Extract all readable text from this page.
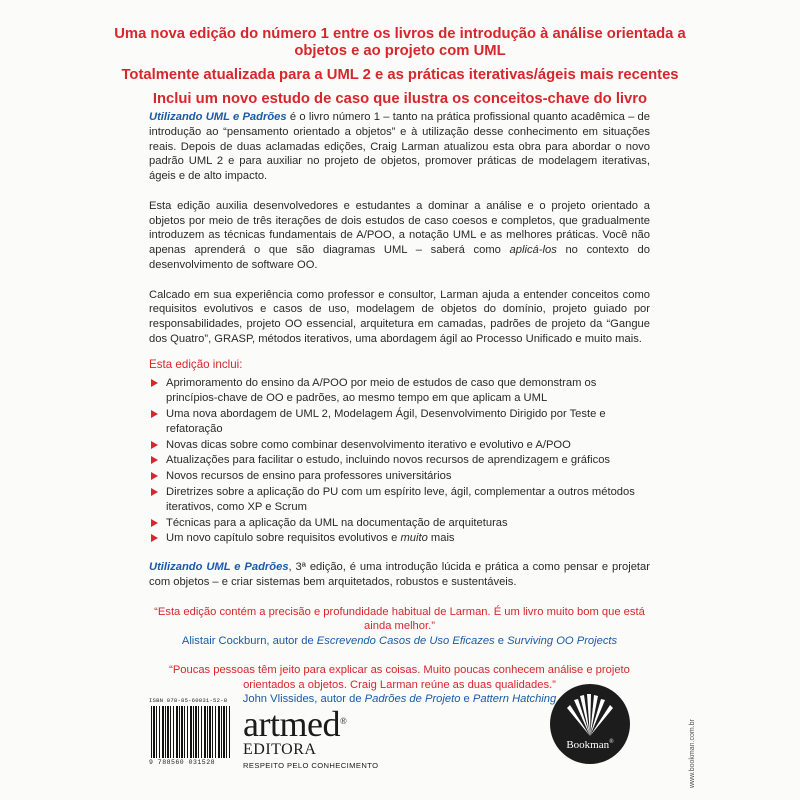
Uma nova edição do número 1 entre os livros de introdução à análise orientada a objetos e ao projeto com UML
Totalmente atualizada para a UML 2 e as práticas iterativas/ágeis mais recentes
Inclui um novo estudo de caso que ilustra os conceitos-chave do livro

Utilizando UML e Padrões é o livro número 1 – tanto na prática profissional quanto acadêmica – de introdução ao “pensamento orientado a objetos” e à utilização desse conhecimento em situações reais. Depois de duas aclamadas edições, Craig Larman atualizou esta obra para abordar o novo padrão UML 2 e para auxiliar no projeto de objetos, promover práticas de modelagem iterativas, ágeis e de alto impacto.

Esta edição auxilia desenvolvedores e estudantes a dominar a análise e o projeto orientado a objetos por meio de três iterações de dois estudos de caso coesos e completos, que gradualmente introduzem as técnicas fundamentais de A/POO, a notação UML e as melhores práticas. Você não apenas aprenderá o que são diagramas UML – saberá como aplicá-los no contexto do desenvolvimento de software OO.

Calcado em sua experiência como professor e consultor, Larman ajuda a entender conceitos como requisitos evolutivos e casos de uso, modelagem de objetos do domínio, projeto guiado por responsabilidades, projeto OO essencial, arquitetura em camadas, padrões de projeto da “Gangue dos Quatro”, GRASP, métodos iterativos, uma abordagem ágil ao Processo Unificado e muito mais.

Esta edição inclui:
Aprimoramento do ensino da A/POO por meio de estudos de caso que demonstram os princípios-chave de OO e padrões, ao mesmo tempo em que aplicam a UML
Uma nova abordagem de UML 2, Modelagem Ágil, Desenvolvimento Dirigido por Teste e refatoração
Novas dicas sobre como combinar desenvolvimento iterativo e evolutivo e A/POO
Atualizações para facilitar o estudo, incluindo novos recursos de aprendizagem e gráficos
Novos recursos de ensino para professores universitários
Diretrizes sobre a aplicação do PU com um espírito leve, ágil, complementar a outros métodos iterativos, como XP e Scrum
Técnicas para a aplicação da UML na documentação de arquiteturas
Um novo capítulo sobre requisitos evolutivos e muito mais

Utilizando UML e Padrões, 3ª edição, é uma introdução lúcida e prática a como pensar e projetar com objetos – e criar sistemas bem arquitetados, robustos e sustentáveis.

“Esta edição contém a precisão e profundidade habitual de Larman. É um livro muito bom que está ainda melhor.”
Alistair Cockburn, autor de Escrevendo Casos de Uso Eficazes e Surviving OO Projects
“Poucas pessoas têm jeito para explicar as coisas. Muito poucas conhecem análise e projeto orientados a objetos. Craig Larman reúne as duas qualidades.”
John Vlissides, autor de Padrões de Projeto e Pattern Hatching
ISBN 978-85-60031-52-8
9 788560 031528
artmed®
EDITORA
RESPEITO PELO CONHECIMENTO
Bookman®	www.bookman.com.br
